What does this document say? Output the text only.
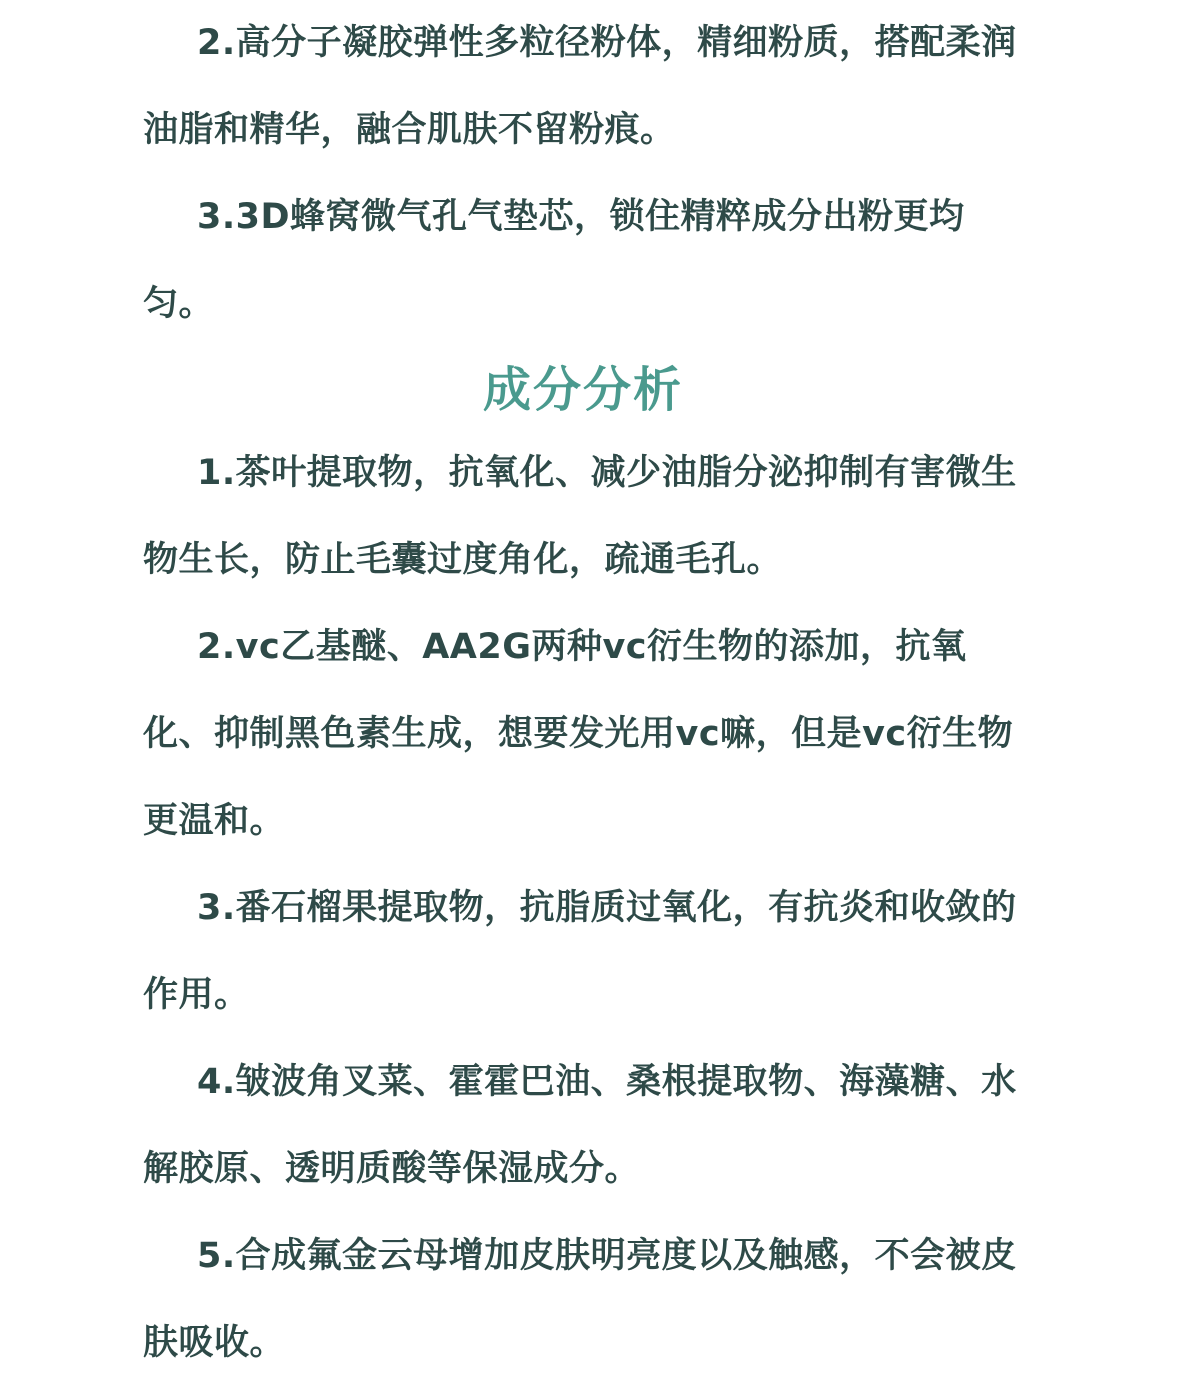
2.高分子凝胶弹性多粒径粉体，精细粉质，搭配柔润油脂和精华，融合肌肤不留粉痕。

3.3D蜂窝微气孔气垫芯，锁住精粹成分出粉更均匀。

成分分析

1.茶叶提取物，抗氧化、减少油脂分泌抑制有害微生物生长，防止毛囊过度角化，疏通毛孔。

2.vc乙基醚、AA2G两种vc衍生物的添加，抗氧化、抑制黑色素生成，想要发光用vc嘛，但是vc衍生物更温和。

3.番石榴果提取物，抗脂质过氧化，有抗炎和收敛的作用。

4.皱波角叉菜、霍霍巴油、桑根提取物、海藻糖、水解胶原、透明质酸等保湿成分。

5.合成氟金云母增加皮肤明亮度以及触感，不会被皮肤吸收。
